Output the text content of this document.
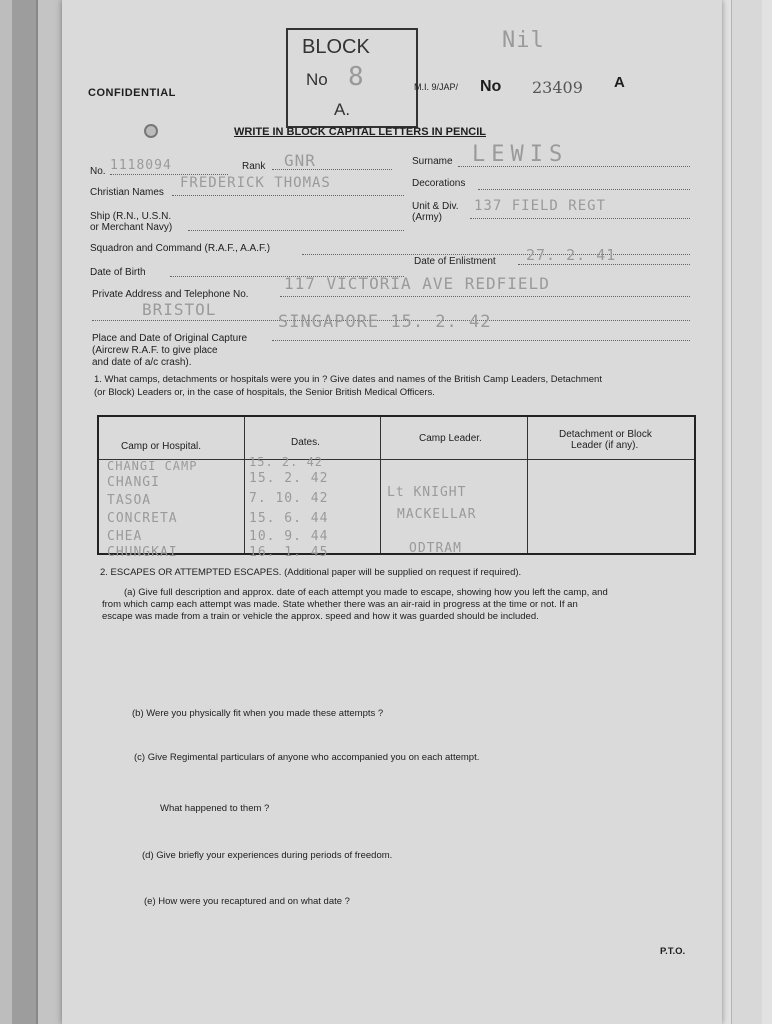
CONFIDENTIAL
BLOCK
No 8
A.
Nil
M.I. 9/JAP/ No 23409 A
WRITE IN BLOCK CAPITAL LETTERS IN PENCIL
No. 1118094	Rank GNR	Surname LEWIS
Christian Names
FREDERICK THOMAS	Decorations
Ship (R.N., U.S.N.
or Merchant Navy)
Unit & Div.
(Army)
137 FIELD REGT
Squadron and Command (R.A.F., A.A.F.)
Date of Birth
Date of Enlistment 27. 2. 41
Private Address and Telephone No.
117 VICTORIA AVE REDFIELD
BRISTOL
Place and Date of Original Capture
(Aircrew R.A.F. to give place
and date of a/c crash).
SINGAPORE 15. 2. 42
1. What camps, detachments or hospitals were you in ? Give dates and names of the British Camp Leaders, Detachment
(or Block) Leaders or, in the case of hospitals, the Senior British Medical Officers.
Camp or Hospital.	Dates.	Camp Leader.	Detachment or Block
Leader (if any).
CHANGI CAMP	15. 2. 42
CHANGI	15. 2. 42
TASOA	7. 10. 42	Lt KNIGHT
CONCRETA	15. 6. 44	MACKELLAR
CHEA	10. 9. 44
CHUNGKAI	16. 1. 45	ODTRAM
2. ESCAPES OR ATTEMPTED ESCAPES. (Additional paper will be supplied on request if required).
(a) Give full description and approx. date of each attempt you made to escape, showing how you left the camp, and
from which camp each attempt was made. State whether there was an air-raid in progress at the time or not. If an
escape was made from a train or vehicle the approx. speed and how it was guarded should be included.
(b) Were you physically fit when you made these attempts ?
(c) Give Regimental particulars of anyone who accompanied you on each attempt.
What happened to them ?
(d) Give briefly your experiences during periods of freedom.
(e) How were you recaptured and on what date ?
P.T.O.
